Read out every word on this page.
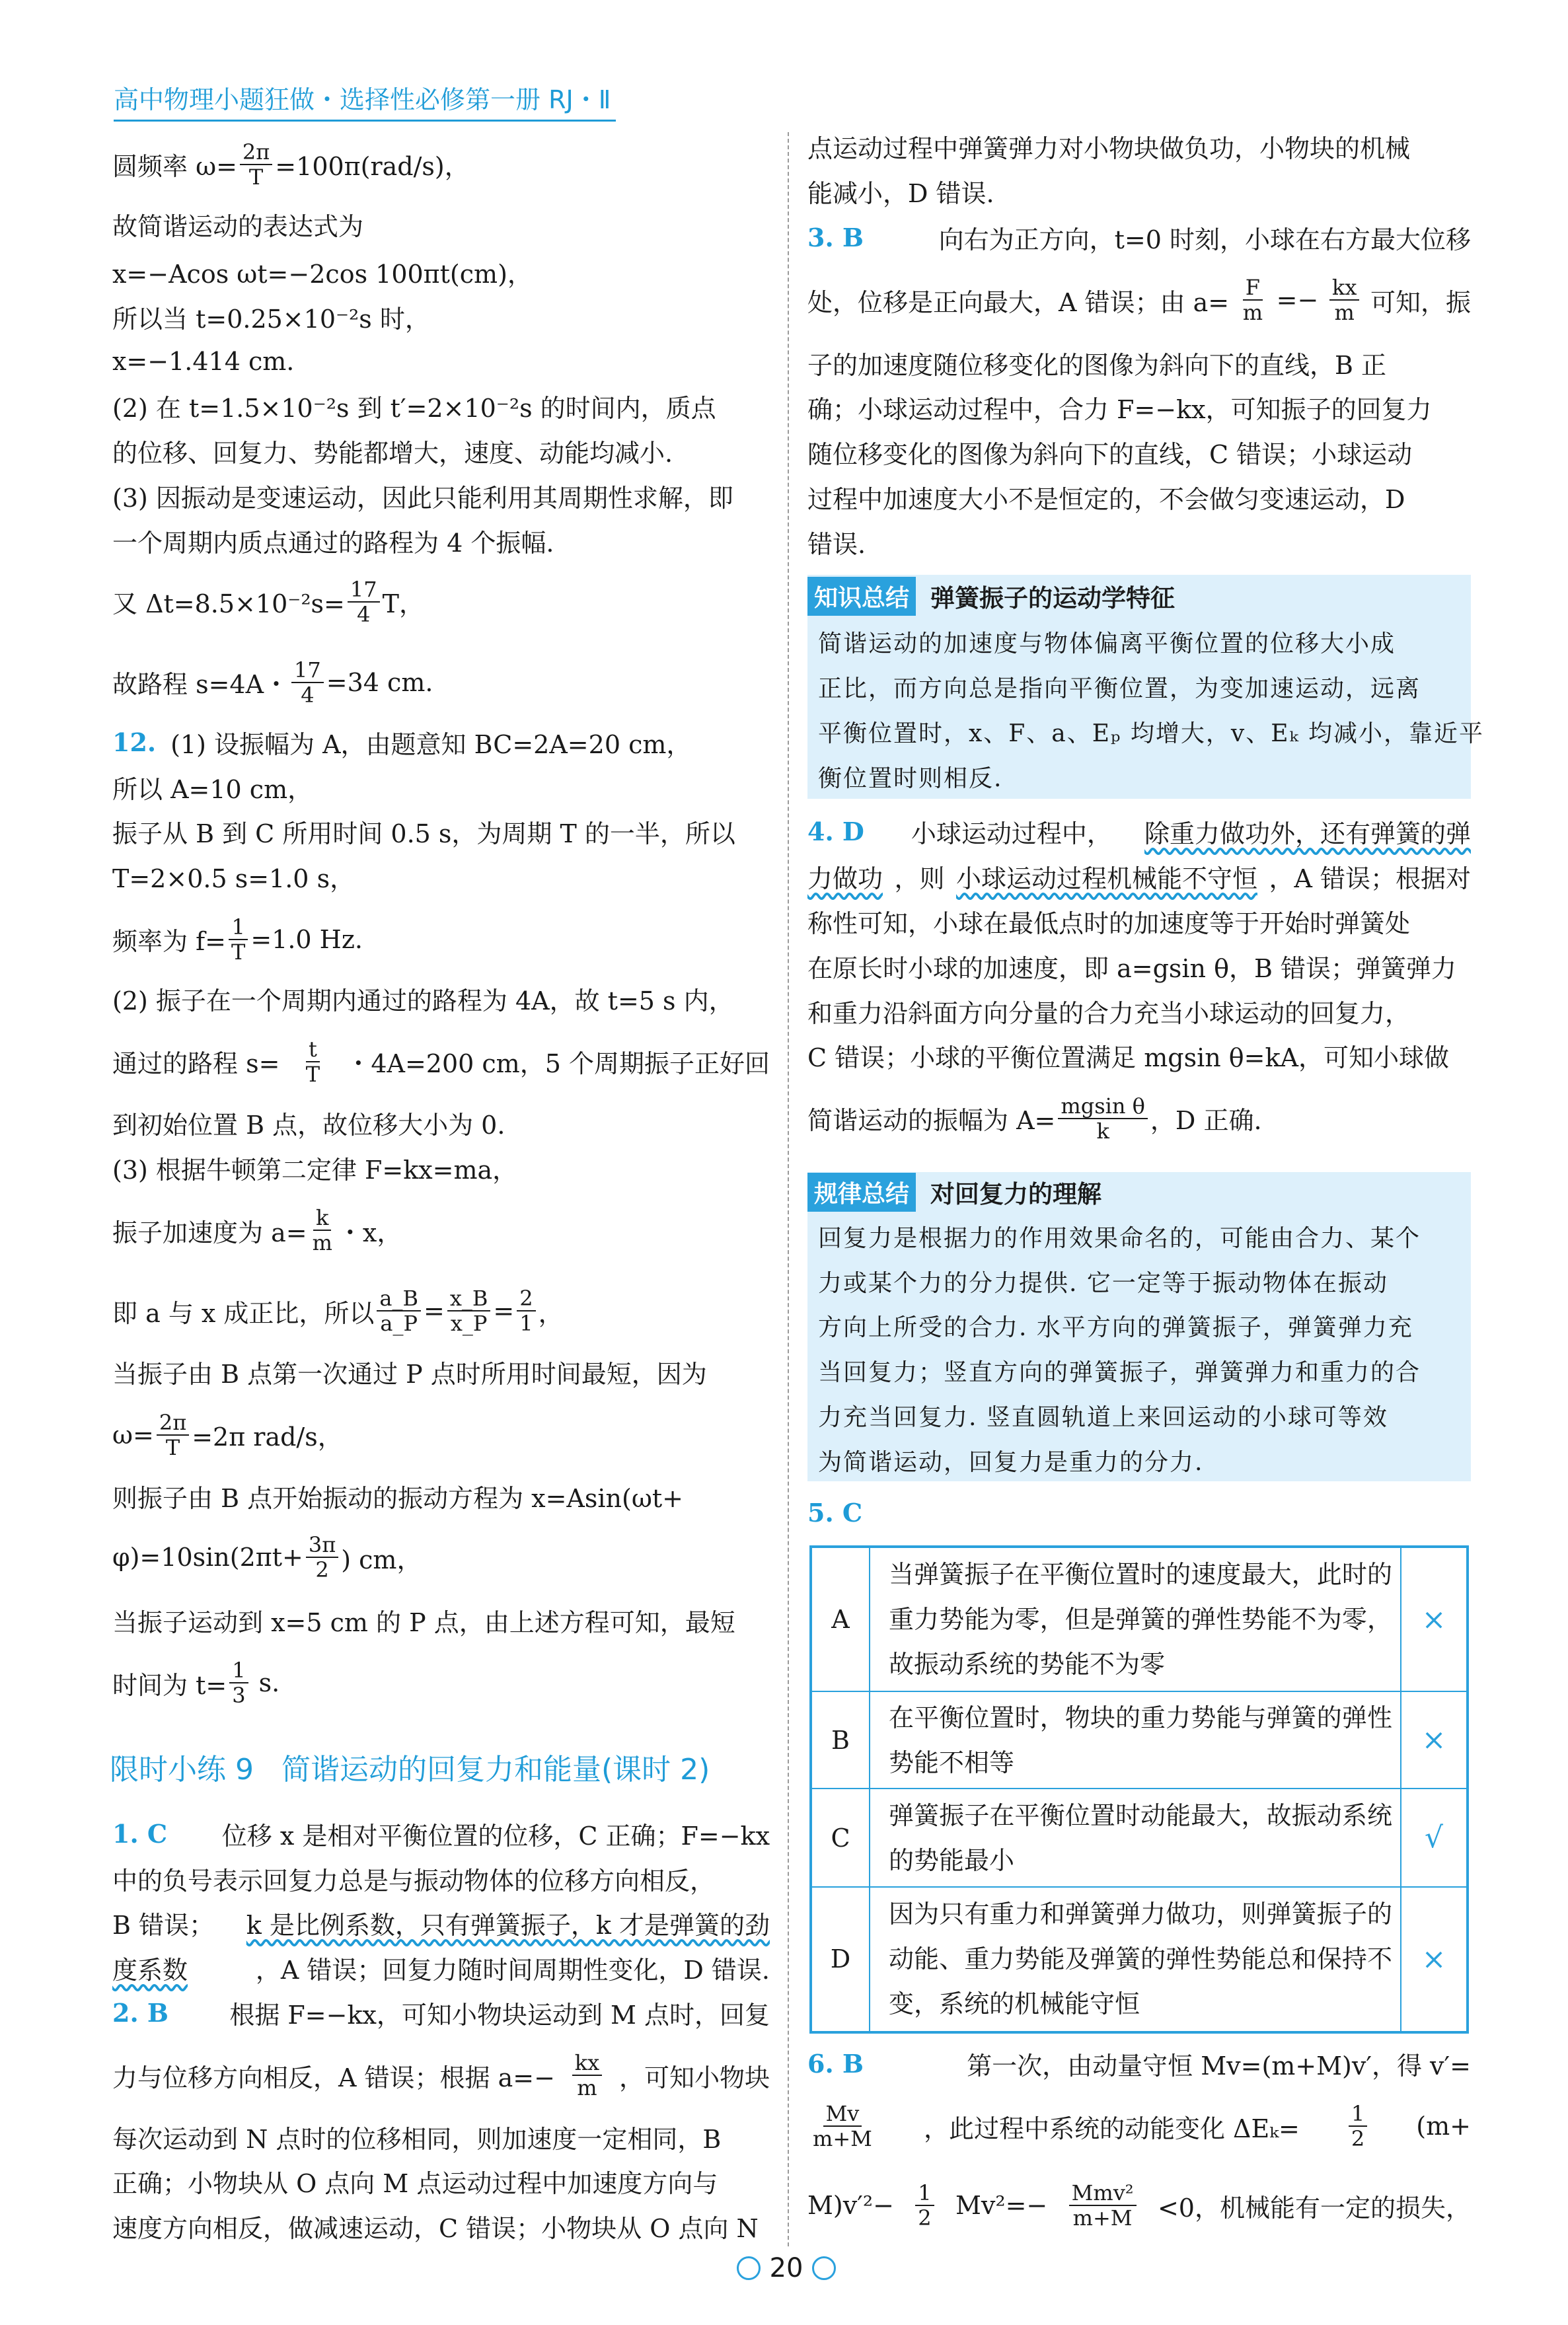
高中物理小题狂做・选择性必修第一册 RJ・Ⅱ
圆频率 $\omega= \frac{2\pi}{T} =100\pi(rad/s)$，
故简谐运动的表达式为
x=−Acos ωt=−2cos 100πt(cm)，
所以当 t=0.25×10⁻²s 时，
x=−1.414 cm.
(2) 在 t=1.5×10⁻²s 到 t′=2×10⁻²s 的时间内，质点
的位移、回复力、势能都增大，速度、动能均减小.
(3) 因振动是变速运动，因此只能利用其周期性求解，即
一个周期内质点通过的路程为 4 个振幅.
又 $\Delta t=8.5\times 10^{-2}s= \frac{17}{4}$ T，
故路程 s=4A・ $\frac{17}{4} =34$ cm.
12. (1) 设振幅为 A，由题意知 BC=2A=20 cm，
所以 A=10 cm，
振子从 B 到 C 所用时间 0.5 s，为周期 T 的一半，所以
T=2×0.5 s=1.0 s，
频率为 $f= \frac{1}{T} =1.0$ Hz.
(2) 振子在一个周期内通过的路程为 4A，故 t=5 s 内，
通过的路程 $s= \frac{t}{T}$ ・4A=200 cm，5 个周期振子正好回
到初始位置 B 点，故位移大小为 0.
(3) 根据牛顿第二定律 F=kx=ma，
振子加速度为 $a= \frac{k}{m}$ ・x，
即 a 与 x 成正比，所以 $\frac{a\_B}{a\_P} = \frac{x\_B}{x\_P} = \frac{2}{1}$ ，
当振子由 B 点第一次通过 P 点时所用时间最短，因为
$\omega= \frac{2\pi}{T} =2\pi$ rad/s，
则振子由 B 点开始振动的振动方程为 x=Asin(ωt+
$\varphi)=10\sin(2\pi t+ \frac{3\pi}{2}$ ) cm，
当振子运动到 x=5 cm 的 P 点，由上述方程可知，最短
时间为 $t= \frac{1}{3} s$.
1. C 位移 x 是相对平衡位置的位移，C 正确；F=−kx
中的负号表示回复力总是与振动物体的位移方向相反，
B 错误； k 是比例系数，只有弹簧振子，k 才是弹簧的劲
度系数	，A 错误；回复力随时间周期性变化，D 错误.
2. B 根据 F=−kx，可知小物块运动到 M 点时，回复
力与位移方向相反，A 错误；根据 $a=- \frac{kx}{m}$ ，可知小物块
每次运动到 N 点时的位移相同，则加速度一定相同，B
正确；小物块从 O 点向 M 点运动过程中加速度方向与
速度方向相反，做减速运动，C 错误；小物块从 O 点向 N
点运动过程中弹簧弹力对小物块做负功，小物块的机械
能减小，D 错误.
3. B	向右为正方向，t=0 时刻，小球在右方最大位移
处，位移是正向最大，A 错误；由 $a= \frac{F}{m} =- \frac{kx}{m}$ 可知，振
子的加速度随位移变化的图像为斜向下的直线，B 正
确；小球运动过程中，合力 F=−kx，可知振子的回复力
随位移变化的图像为斜向下的直线，C 错误；小球运动
过程中加速度大小不是恒定的，不会做匀变速运动，D
错误.
4. D 小球运动过程中， 除重力做功外，还有弹簧的弹
力做功 ，则 小球运动过程机械能不守恒 ，A 错误；根据对
称性可知，小球在最低点时的加速度等于开始时弹簧处
在原长时小球的加速度，即 a=gsin θ，B 错误；弹簧弹力
和重力沿斜面方向分量的合力充当小球运动的回复力，
C 错误；小球的平衡位置满足 mgsin θ=kA，可知小球做
简谐运动的振幅为 $A= \frac{\text{mgsin θ}}{k}$ ，D 正确.
6. B	第一次，由动量守恒 Mv=(m+M)v′，得 v′=
$\frac{Mv}{m+M}$ ，此过程中系统的动能变化 $\Delta E_k= \frac{1}{2} (m+$
$M)v'^2- \frac{1}{2} Mv^2=- \frac{\text{Mmv²}}{m+M} <0$，机械能有一定的损失，
限时小练 9   简谐运动的回复力和能量(课时 2)
知识总结 弹簧振子的运动学特征
简谐运动的加速度与物体偏离平衡位置的位移大小成
正比，而方向总是指向平衡位置，为变加速运动，远离
平衡位置时，x、F、a、Eₚ 均增大，v、Eₖ 均减小，靠近平
衡位置时则相反.
规律总结 对回复力的理解
回复力是根据力的作用效果命名的，可能由合力、某个
力或某个力的分力提供. 它一定等于振动物体在振动
方向上所受的合力. 水平方向的弹簧振子，弹簧弹力充
当回复力；竖直方向的弹簧振子，弹簧弹力和重力的合
力充当回复力. 竖直圆轨道上来回运动的小球可等效
为简谐运动，回复力是重力的分力.
5. C
A	当弹簧振子在平衡位置时的速度最大，此时的重力势能为零，但是弹簧的弹性势能不为零，故振动系统的势能不为零	×
B	在平衡位置时，物块的重力势能与弹簧的弹性势能不相等	×
C	弹簧振子在平衡位置时动能最大，故振动系统的势能最小	√
D	因为只有重力和弹簧弹力做功，则弹簧振子的动能、重力势能及弹簧的弹性势能总和保持不变，系统的机械能守恒	×
20
